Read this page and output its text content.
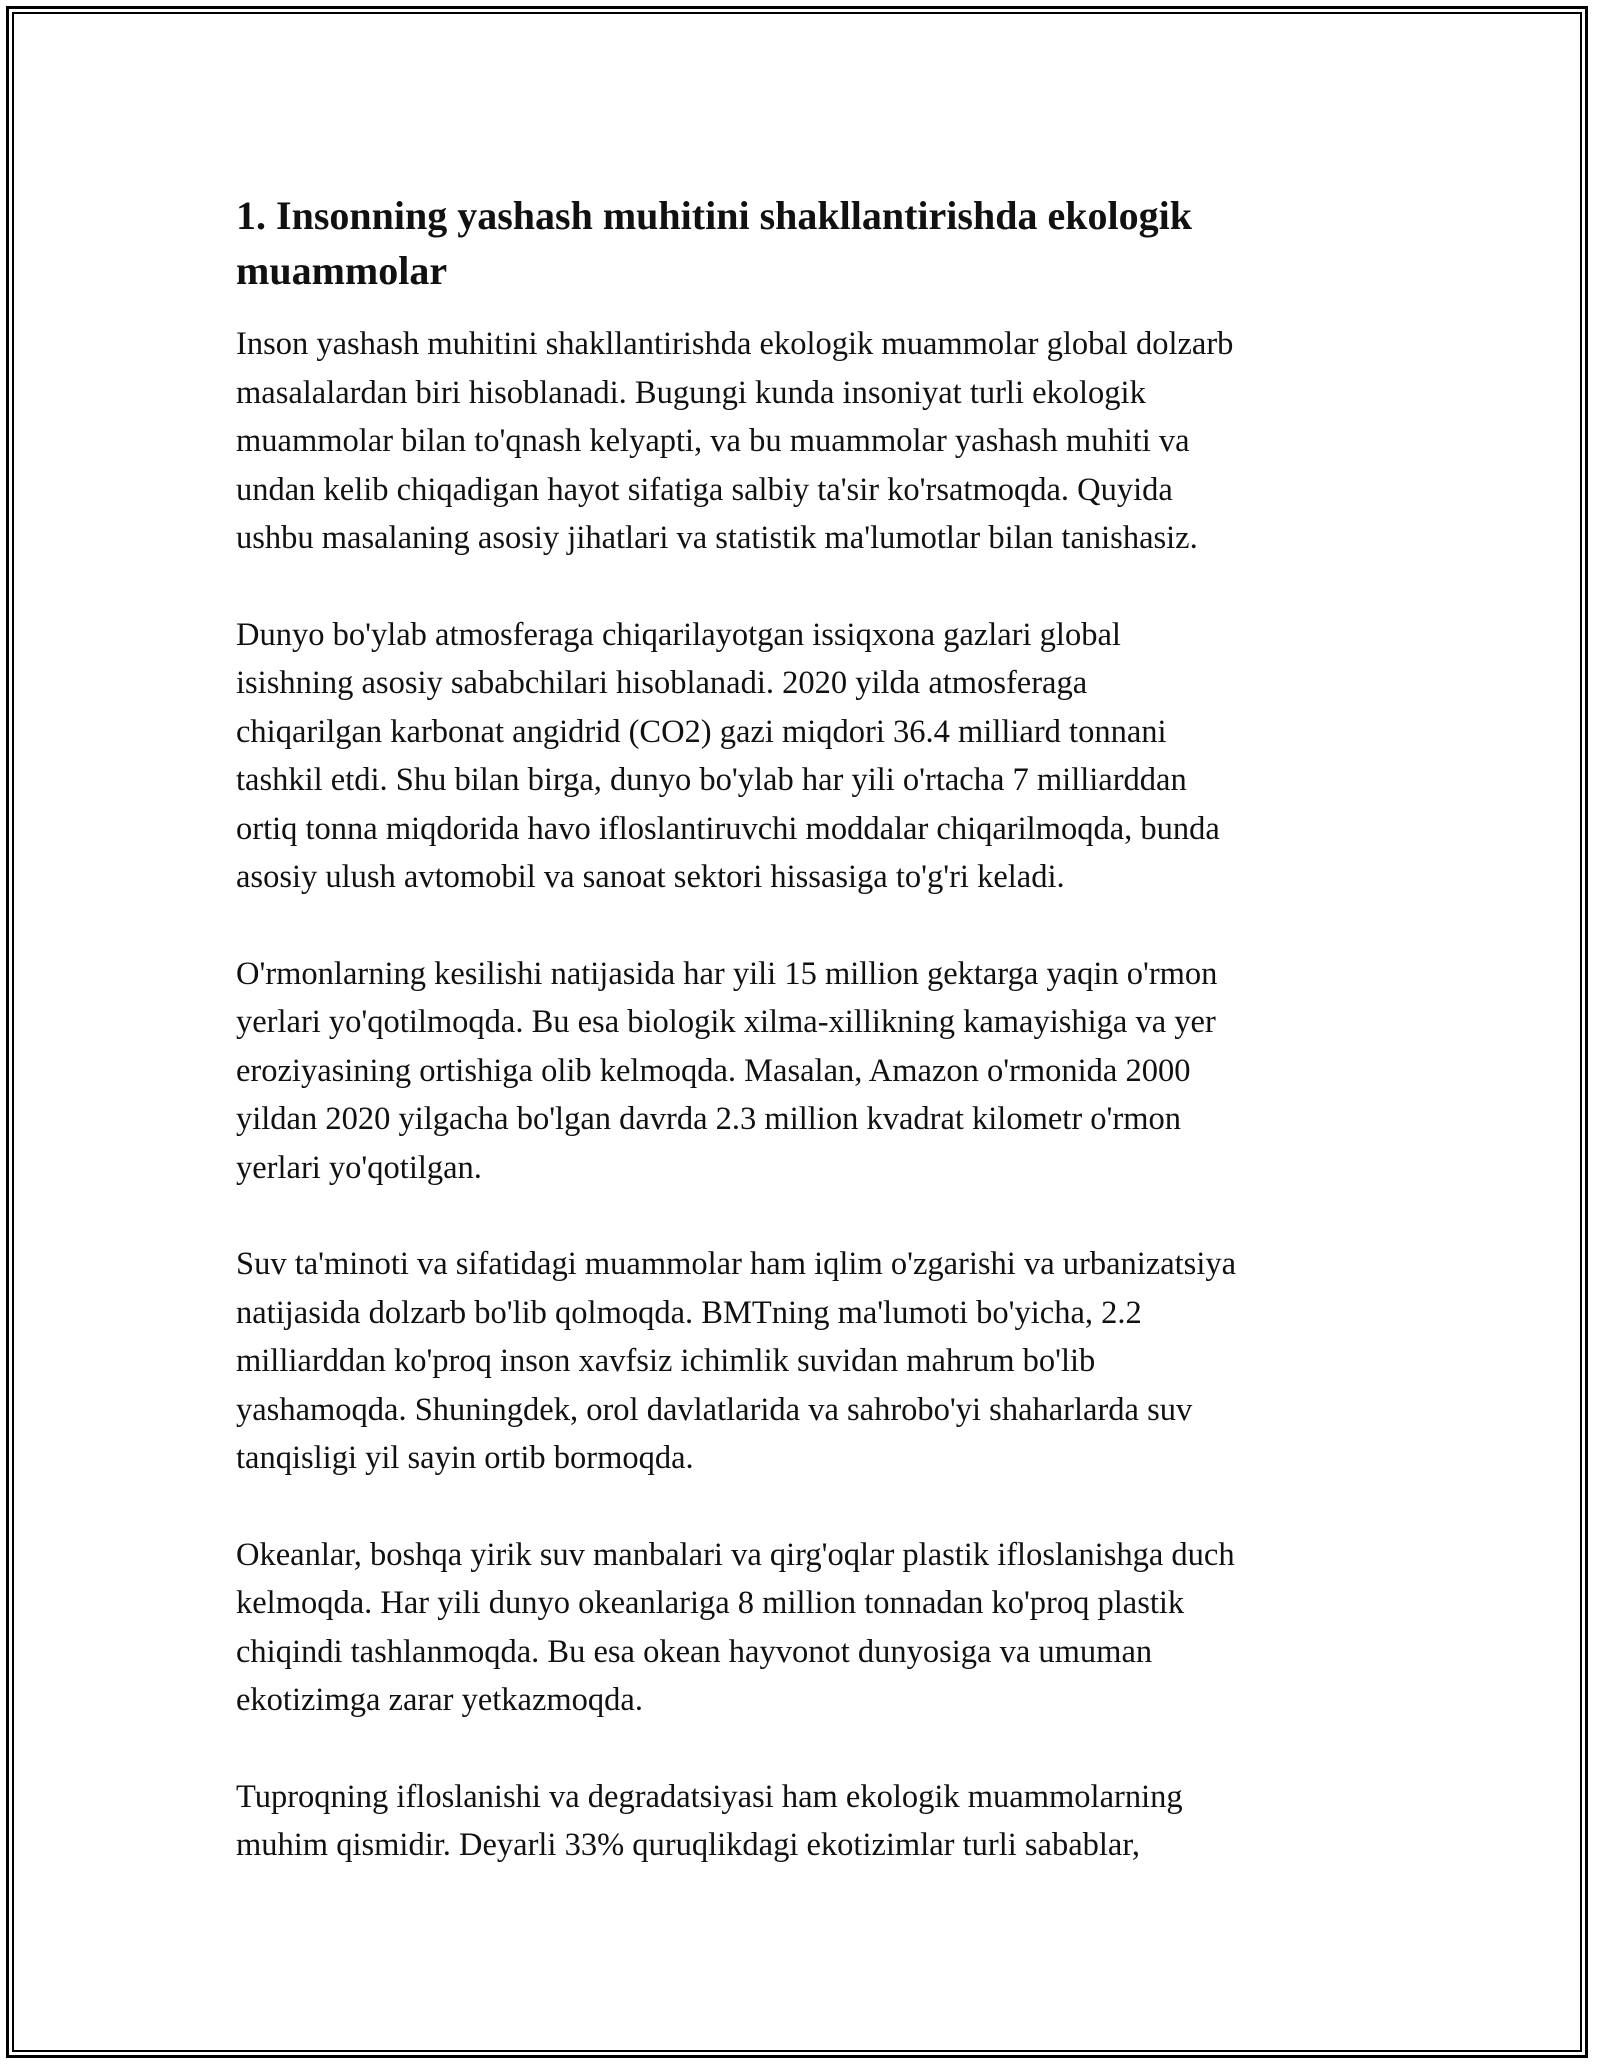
1. Insonning yashash muhitini shakllantirishda ekologik
muammolar

Inson yashash muhitini shakllantirishda ekologik muammolar global dolzarb
masalalardan biri hisoblanadi. Bugungi kunda insoniyat turli ekologik
muammolar bilan to'qnash kelyapti, va bu muammolar yashash muhiti va
undan kelib chiqadigan hayot sifatiga salbiy ta'sir ko'rsatmoqda. Quyida
ushbu masalaning asosiy jihatlari va statistik ma'lumotlar bilan tanishasiz.

Dunyo bo'ylab atmosferaga chiqarilayotgan issiqxona gazlari global
isishning asosiy sababchilari hisoblanadi. 2020 yilda atmosferaga
chiqarilgan karbonat angidrid (CO2) gazi miqdori 36.4 milliard tonnani
tashkil etdi. Shu bilan birga, dunyo bo'ylab har yili o'rtacha 7 milliarddan
ortiq tonna miqdorida havo ifloslantiruvchi moddalar chiqarilmoqda, bunda
asosiy ulush avtomobil va sanoat sektori hissasiga to'g'ri keladi.

O'rmonlarning kesilishi natijasida har yili 15 million gektarga yaqin o'rmon
yerlari yo'qotilmoqda. Bu esa biologik xilma-xillikning kamayishiga va yer
eroziyasining ortishiga olib kelmoqda. Masalan, Amazon o'rmonida 2000
yildan 2020 yilgacha bo'lgan davrda 2.3 million kvadrat kilometr o'rmon
yerlari yo'qotilgan.

Suv ta'minoti va sifatidagi muammolar ham iqlim o'zgarishi va urbanizatsiya
natijasida dolzarb bo'lib qolmoqda. BMTning ma'lumoti bo'yicha, 2.2
milliarddan ko'proq inson xavfsiz ichimlik suvidan mahrum bo'lib
yashamoqda. Shuningdek, orol davlatlarida va sahrobo'yi shaharlarda suv
tanqisligi yil sayin ortib bormoqda.

Okeanlar, boshqa yirik suv manbalari va qirg'oqlar plastik ifloslanishga duch
kelmoqda. Har yili dunyo okeanlariga 8 million tonnadan ko'proq plastik
chiqindi tashlanmoqda. Bu esa okean hayvonot dunyosiga va umuman
ekotizimga zarar yetkazmoqda.

Tuproqning ifloslanishi va degradatsiyasi ham ekologik muammolarning
muhim qismidir. Deyarli 33% quruqlikdagi ekotizimlar turli sabablar,
